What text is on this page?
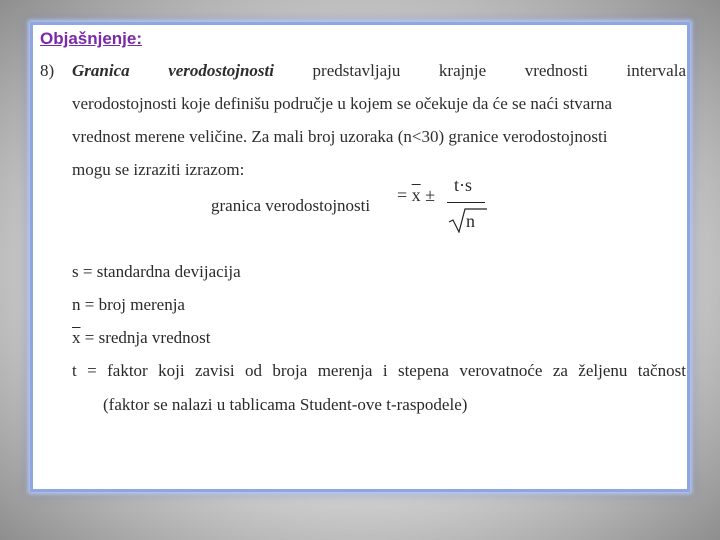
Objašnjenje:
8) Granica verodostojnosti predstavljaju krajnje vrednosti intervala
verodostojnosti koje definišu područje u kojem se očekuje da će se naći stvarna
vrednost merene veličine. Za mali broj uzoraka (n<30) granice verodostojnosti
mogu se izraziti izrazom:
granica verodostojnosti
= $\overline{x} \pm t\cdot s$
n
s = standardna devijacija
n = broj merenja
$\overline{x}$ = srednja vrednost
t = faktor koji zavisi od broja merenja i stepena verovatnoće za željenu tačnost
(faktor se nalazi u tablicama Student-ove t-raspodele)
